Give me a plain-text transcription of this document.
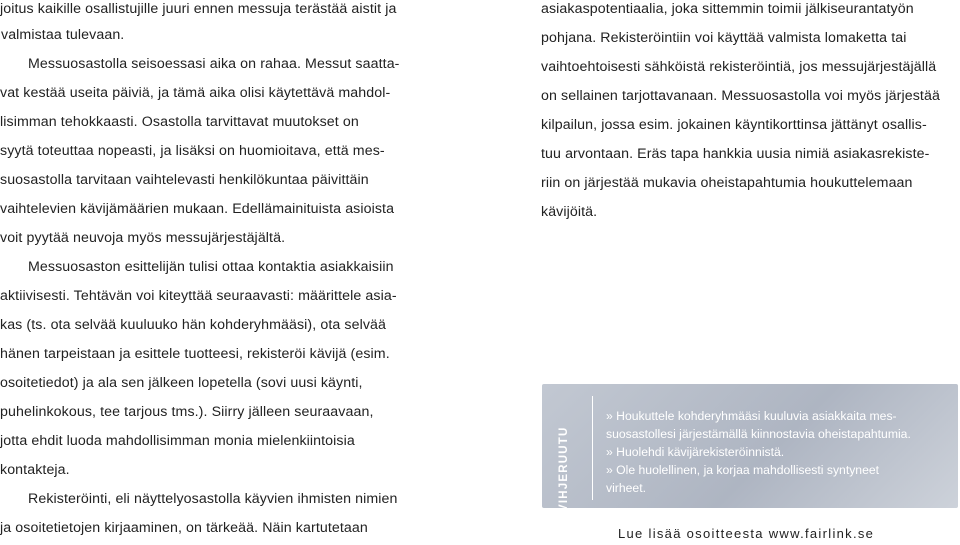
joitus kaikille osallistujille juuri ennen messuja terästää aistit ja
valmistaa tulevaan.
Messuosastolla seisoessasi aika on rahaa. Messut saatta-
vat kestää useita päiviä, ja tämä aika olisi käytettävä mahdol-
lisimman tehokkaasti. Osastolla tarvittavat muutokset on
syytä toteuttaa nopeasti, ja lisäksi on huomioitava, että mes-
suosastolla tarvitaan vaihtelevasti henkilökuntaa päivittäin
vaihtelevien kävijämäärien mukaan. Edellämainituista asioista
voit pyytää neuvoja myös messujärjestäjältä.
Messuosaston esittelijän tulisi ottaa kontaktia asiakkaisiin
aktiivisesti. Tehtävän voi kiteyttää seuraavasti: määrittele asia-
kas (ts. ota selvää kuuluuko hän kohderyhmääsi), ota selvää
hänen tarpeistaan ja esittele tuotteesi, rekisteröi kävijä (esim.
osoitetiedot) ja ala sen jälkeen lopetella (sovi uusi käynti,
puhelinkokous, tee tarjous tms.). Siirry jälleen seuraavaan,
jotta ehdit luoda mahdollisimman monia mielenkiintoisia
kontakteja.
Rekisteröinti, eli näyttelyosastolla käyvien ihmisten nimien
ja osoitetietojen kirjaaminen, on tärkeää. Näin kartutetaan
asiakaspotentiaalia, joka sittemmin toimii jälkiseurantatyön
pohjana. Rekisteröintiin voi käyttää valmista lomaketta tai
vaihtoehtoisesti sähköistä rekisteröintiä, jos messujärjestäjällä
on sellainen tarjottavanaan. Messuosastolla voi myös järjestää
kilpailun, jossa esim. jokainen käyntikorttinsa jättänyt osallis-
tuu arvontaan. Eräs tapa hankkia uusia nimiä asiakasrekiste-
riin on järjestää mukavia oheistapahtumia houkuttelemaan
kävijöitä.
VIHJERUUTU
» Houkuttele kohderyhmääsi kuuluvia asiakkaita mes-
suosastollesi järjestämällä kiinnostavia oheistapahtumia.
» Huolehdi kävijärekisteröinnistä.
» Ole huolellinen, ja korjaa mahdollisesti syntyneet
virheet.
Lue lisää osoitteesta www.fairlink.se
